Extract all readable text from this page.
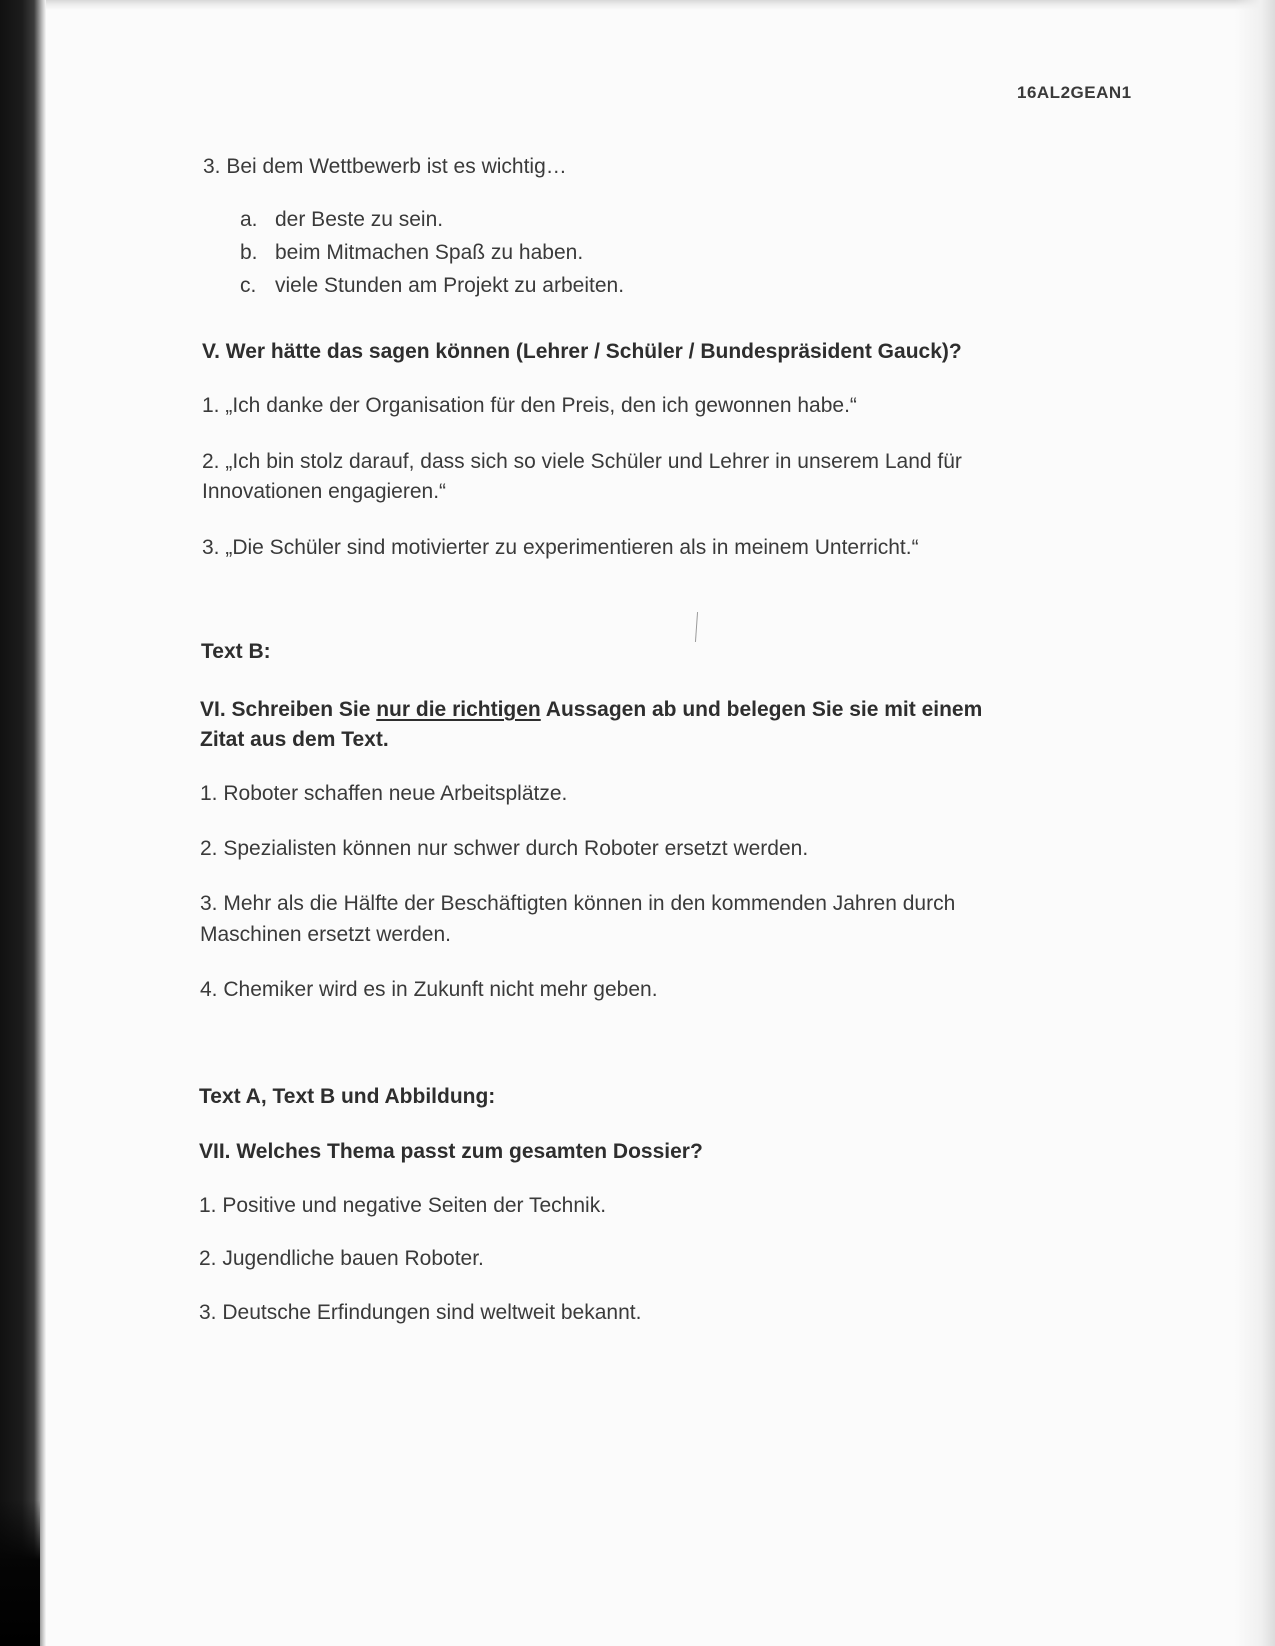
16AL2GEAN1
3. Bei dem Wettbewerb ist es wichtig…
a. der Beste zu sein.
b. beim Mitmachen Spaß zu haben.
c. viele Stunden am Projekt zu arbeiten.
V. Wer hätte das sagen können (Lehrer / Schüler / Bundespräsident Gauck)?
1. „Ich danke der Organisation für den Preis, den ich gewonnen habe.“
2. „Ich bin stolz darauf, dass sich so viele Schüler und Lehrer in unserem Land für
Innovationen engagieren.“
3. „Die Schüler sind motivierter zu experimentieren als in meinem Unterricht.“
Text B:
VI. Schreiben Sie nur die richtigen Aussagen ab und belegen Sie sie mit einem
Zitat aus dem Text.
1. Roboter schaffen neue Arbeitsplätze.
2. Spezialisten können nur schwer durch Roboter ersetzt werden.
3. Mehr als die Hälfte der Beschäftigten können in den kommenden Jahren durch
Maschinen ersetzt werden.
4. Chemiker wird es in Zukunft nicht mehr geben.
Text A, Text B und Abbildung:
VII. Welches Thema passt zum gesamten Dossier?
1. Positive und negative Seiten der Technik.
2. Jugendliche bauen Roboter.
3. Deutsche Erfindungen sind weltweit bekannt.
